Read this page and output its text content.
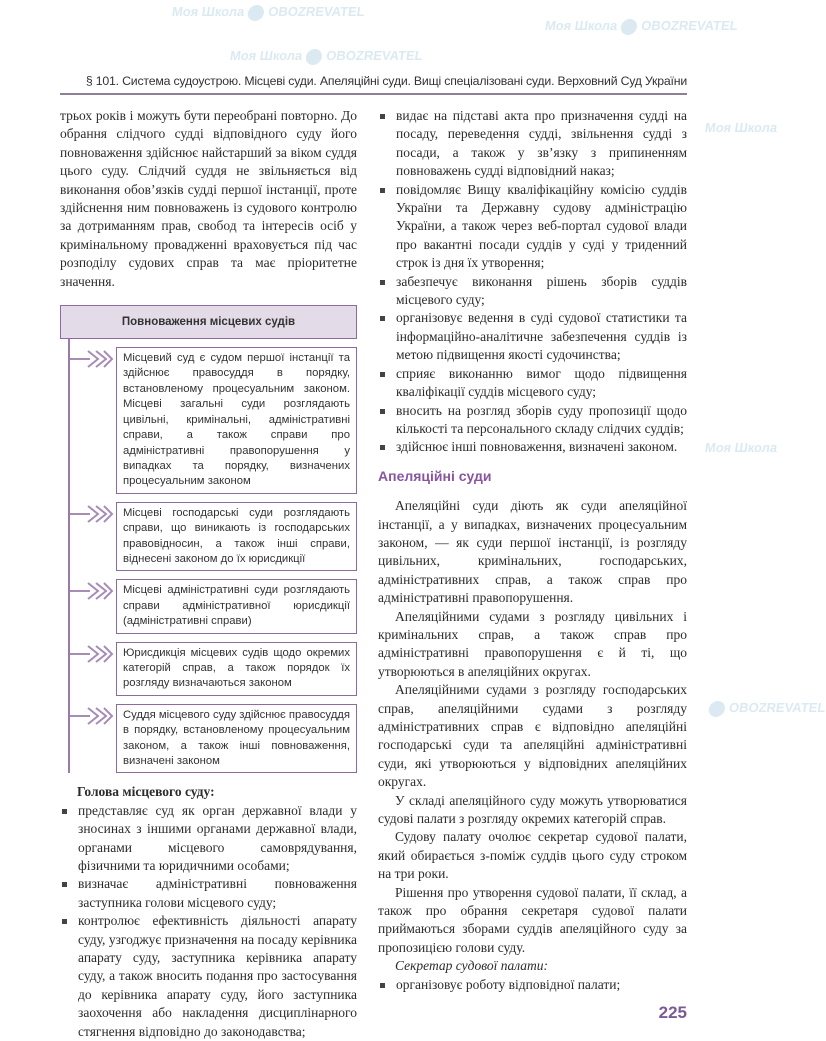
Моя Школа OBOZREVATEL
Моя Школа OBOZREVATEL
Моя Школа OBOZREVATEL
Моя Школа
OBOZREVATEL
Моя Школа
§ 101. Система судоустрою. Місцеві суди. Апеляційні суди. Вищі спеціалізовані суди. Верховний Суд України

трьох років і можуть бути переобрані повторно. До обрання слідчого судді відповідного суду його повноваження здійснює найстарший за віком суддя цього суду. Слідчий суддя не звільняється від виконання обов’язків судді першої інстанції, проте здійснення ним повноважень із судового контролю за дотриманням прав, свобод та інтересів осіб у кримінальному провадженні враховується під час розподілу судових справ та має пріоритетне значення.

Повноваження місцевих судів
Місцевий суд є судом першої інстанції та здійснює правосуддя в порядку, встановленому процесуальним законом. Місцеві загальні суди розглядають цивільні, кримінальні, адміністративні справи, а також справи про адміністративні правопорушення у випадках та порядку, визначених процесуальним законом
Місцеві господарські суди розглядають справи, що виникають із господарських правовідносин, а також інші справи, віднесені законом до їх юрисдикції
Місцеві адміністративні суди розглядають справи адміністративної юрисдикції (адміністративні справи)
Юрисдикція місцевих судів щодо окремих категорій справ, а також порядок їх розгляду визначаються законом
Суддя місцевого суду здійснює правосуддя в порядку, встановленому процесуальним законом, а також інші повноваження, визначені законом

Голова місцевого суду:

представляє суд як орган державної влади у зносинах з іншими органами державної влади, органами місцевого самоврядування, фізичними та юридичними особами;
визначає адміністративні повноваження заступника голови місцевого суду;
контролює ефективність діяльності апарату суду, узгоджує призначення на посаду керівника апарату суду, заступника керівника апарату суду, а також вносить подання про застосування до керівника апарату суду, його заступника заохочення або накладення дисциплінарного стягнення відповідно до законодавства;
видає на підставі акта про призначення судді на посаду, переведення судді, звільнення судді з посади, а також у зв’язку з припиненням повноважень судді відповідний наказ;
повідомляє Вищу кваліфікаційну комісію суддів України та Державну судову адміністрацію України, а також через веб-портал судової влади про вакантні посади суддів у суді у триденний строк із дня їх утворення;
забезпечує виконання рішень зборів суддів місцевого суду;
організовує ведення в суді судової статистики та інформаційно-аналітичне забезпечення суддів із метою підвищення якості судочинства;
сприяє виконанню вимог щодо підвищення кваліфікації суддів місцевого суду;
вносить на розгляд зборів суду пропозиції щодо кількості та персонального складу слідчих суддів;
здійснює інші повноваження, визначені законом.
Апеляційні суди

Апеляційні суди діють як суди апеляційної інстанції, а у випадках, визначених процесуальним законом, — як суди першої інстанції, із розгляду цивільних, кримінальних, господарських, адміністративних справ, а також справ про адміністративні правопорушення.

Апеляційними судами з розгляду цивільних і кримінальних справ, а також справ про адміністративні правопорушення є й ті, що утворюються в апеляційних округах.

Апеляційними судами з розгляду господарських справ, апеляційними судами з розгляду адміністративних справ є відповідно апеляційні господарські суди та апеляційні адміністративні суди, які утворюються у відповідних апеляційних округах.

У складі апеляційного суду можуть утворюватися судові палати з розгляду окремих категорій справ.

Судову палату очолює секретар судової палати, який обирається з-поміж суддів цього суду строком на три роки.

Рішення про утворення судової палати, її склад, а також про обрання секретаря судової палати приймаються зборами суддів апеляційного суду за пропозицією голови суду.

Секретар судової палати:

організовує роботу відповідної палати;
225
